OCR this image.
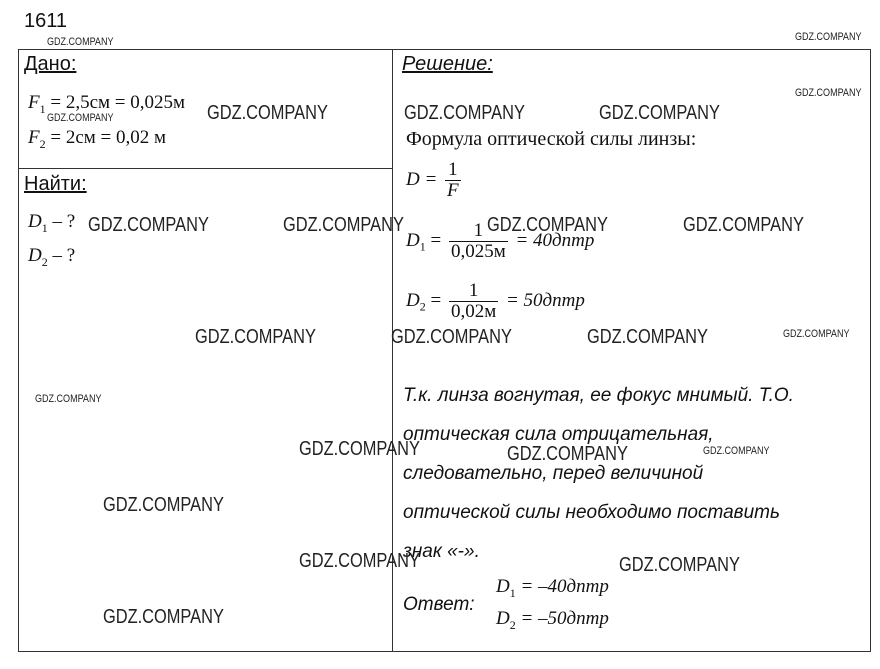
1611
Дано:
$F_1 = 2,5см = 0,025м$
$F_2 = 2см = 0,02$ м
Найти:
$D_1$ – ?
$D_2$ – ?
Решение:
Формула оптической силы линзы:
$D = \frac{1}{F}$
$D_1 = \frac{1}{0,025м}$ = 40дптр
$D_2 = \frac{1}{0,02м}$ = 50дптр
Т.к. линза вогнутая, ее фокус мнимый. Т.О.
оптическая сила отрицательная,
следовательно, перед величиной
оптической силы необходимо поставить
знак «-».
Ответ:
$D_1$ = –40дптр
$D_2$ = –50дптр
GDZ.COMPANY	GDZ.COMPANY
GDZ.COMPANY
GDZ.COMPANY	GDZ.COMPANY	GDZ.COMPANY	GDZ.COMPANY
GDZ.COMPANY	GDZ.COMPANY	GDZ.COMPANY	GDZ.COMPANY
GDZ.COMPANY	GDZ.COMPANY	GDZ.COMPANY	GDZ.COMPANY
GDZ.COMPANY
GDZ.COMPANY	GDZ.COMPANY	GDZ.COMPANY
GDZ.COMPANY
GDZ.COMPANY	GDZ.COMPANY
GDZ.COMPANY
